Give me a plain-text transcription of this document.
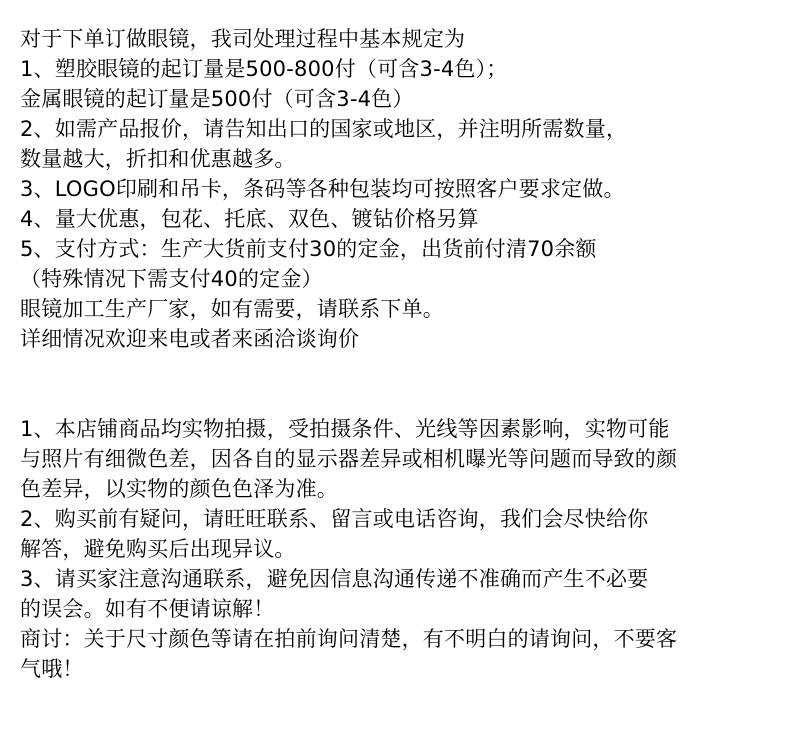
对于下单订做眼镜，我司处理过程中基本规定为
1、塑胶眼镜的起订量是500-800付（可含3-4色）；
金属眼镜的起订量是500付（可含3-4色）
2、如需产品报价，请告知出口的国家或地区，并注明所需数量，
数量越大，折扣和优惠越多。
3、LOGO印刷和吊卡，条码等各种包装均可按照客户要求定做。
4、量大优惠，包花、托底、双色、镀钻价格另算
5、支付方式：生产大货前支付30的定金，出货前付清70余额
（特殊情况下需支付40的定金）
眼镜加工生产厂家，如有需要，请联系下单。
详细情况欢迎来电或者来函洽谈询价
1、本店铺商品均实物拍摄，受拍摄条件、光线等因素影响，实物可能
与照片有细微色差，因各自的显示器差异或相机曝光等问题而导致的颜
色差异，以实物的颜色色泽为准。
2、购买前有疑问，请旺旺联系、留言或电话咨询，我们会尽快给你
解答，避免购买后出现异议。
3、请买家注意沟通联系，避免因信息沟通传递不准确而产生不必要
的误会。如有不便请谅解！
商讨：关于尺寸颜色等请在拍前询问清楚，有不明白的请询问，不要客
气哦！
